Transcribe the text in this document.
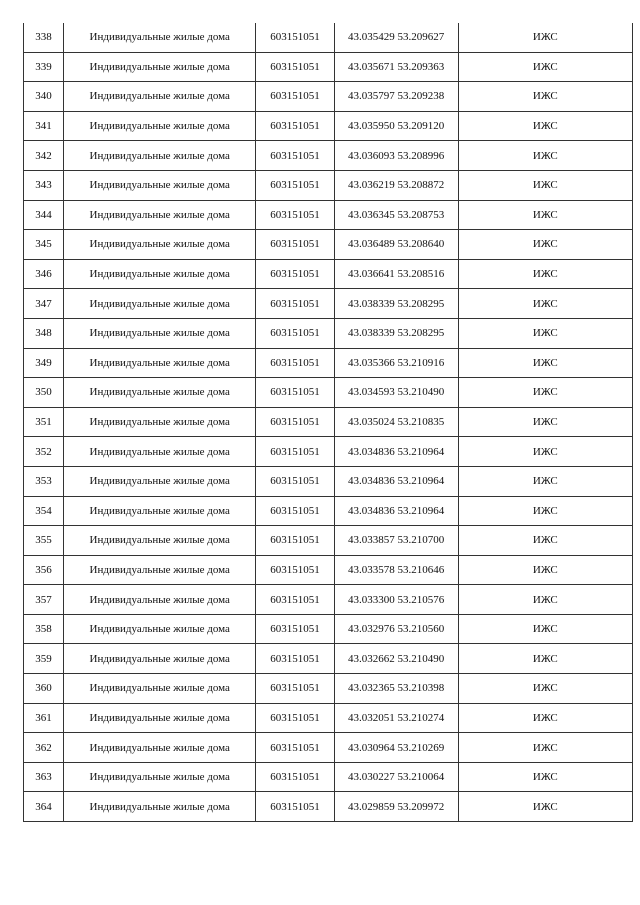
338	Индивидуальные жилые дома	603151051	43.035429 53.209627	ИЖС
339	Индивидуальные жилые дома	603151051	43.035671 53.209363	ИЖС
340	Индивидуальные жилые дома	603151051	43.035797 53.209238	ИЖС
341	Индивидуальные жилые дома	603151051	43.035950 53.209120	ИЖС
342	Индивидуальные жилые дома	603151051	43.036093 53.208996	ИЖС
343	Индивидуальные жилые дома	603151051	43.036219 53.208872	ИЖС
344	Индивидуальные жилые дома	603151051	43.036345 53.208753	ИЖС
345	Индивидуальные жилые дома	603151051	43.036489 53.208640	ИЖС
346	Индивидуальные жилые дома	603151051	43.036641 53.208516	ИЖС
347	Индивидуальные жилые дома	603151051	43.038339 53.208295	ИЖС
348	Индивидуальные жилые дома	603151051	43.038339 53.208295	ИЖС
349	Индивидуальные жилые дома	603151051	43.035366 53.210916	ИЖС
350	Индивидуальные жилые дома	603151051	43.034593 53.210490	ИЖС
351	Индивидуальные жилые дома	603151051	43.035024 53.210835	ИЖС
352	Индивидуальные жилые дома	603151051	43.034836 53.210964	ИЖС
353	Индивидуальные жилые дома	603151051	43.034836 53.210964	ИЖС
354	Индивидуальные жилые дома	603151051	43.034836 53.210964	ИЖС
355	Индивидуальные жилые дома	603151051	43.033857 53.210700	ИЖС
356	Индивидуальные жилые дома	603151051	43.033578 53.210646	ИЖС
357	Индивидуальные жилые дома	603151051	43.033300 53.210576	ИЖС
358	Индивидуальные жилые дома	603151051	43.032976 53.210560	ИЖС
359	Индивидуальные жилые дома	603151051	43.032662 53.210490	ИЖС
360	Индивидуальные жилые дома	603151051	43.032365 53.210398	ИЖС
361	Индивидуальные жилые дома	603151051	43.032051 53.210274	ИЖС
362	Индивидуальные жилые дома	603151051	43.030964 53.210269	ИЖС
363	Индивидуальные жилые дома	603151051	43.030227 53.210064	ИЖС
364	Индивидуальные жилые дома	603151051	43.029859 53.209972	ИЖС
